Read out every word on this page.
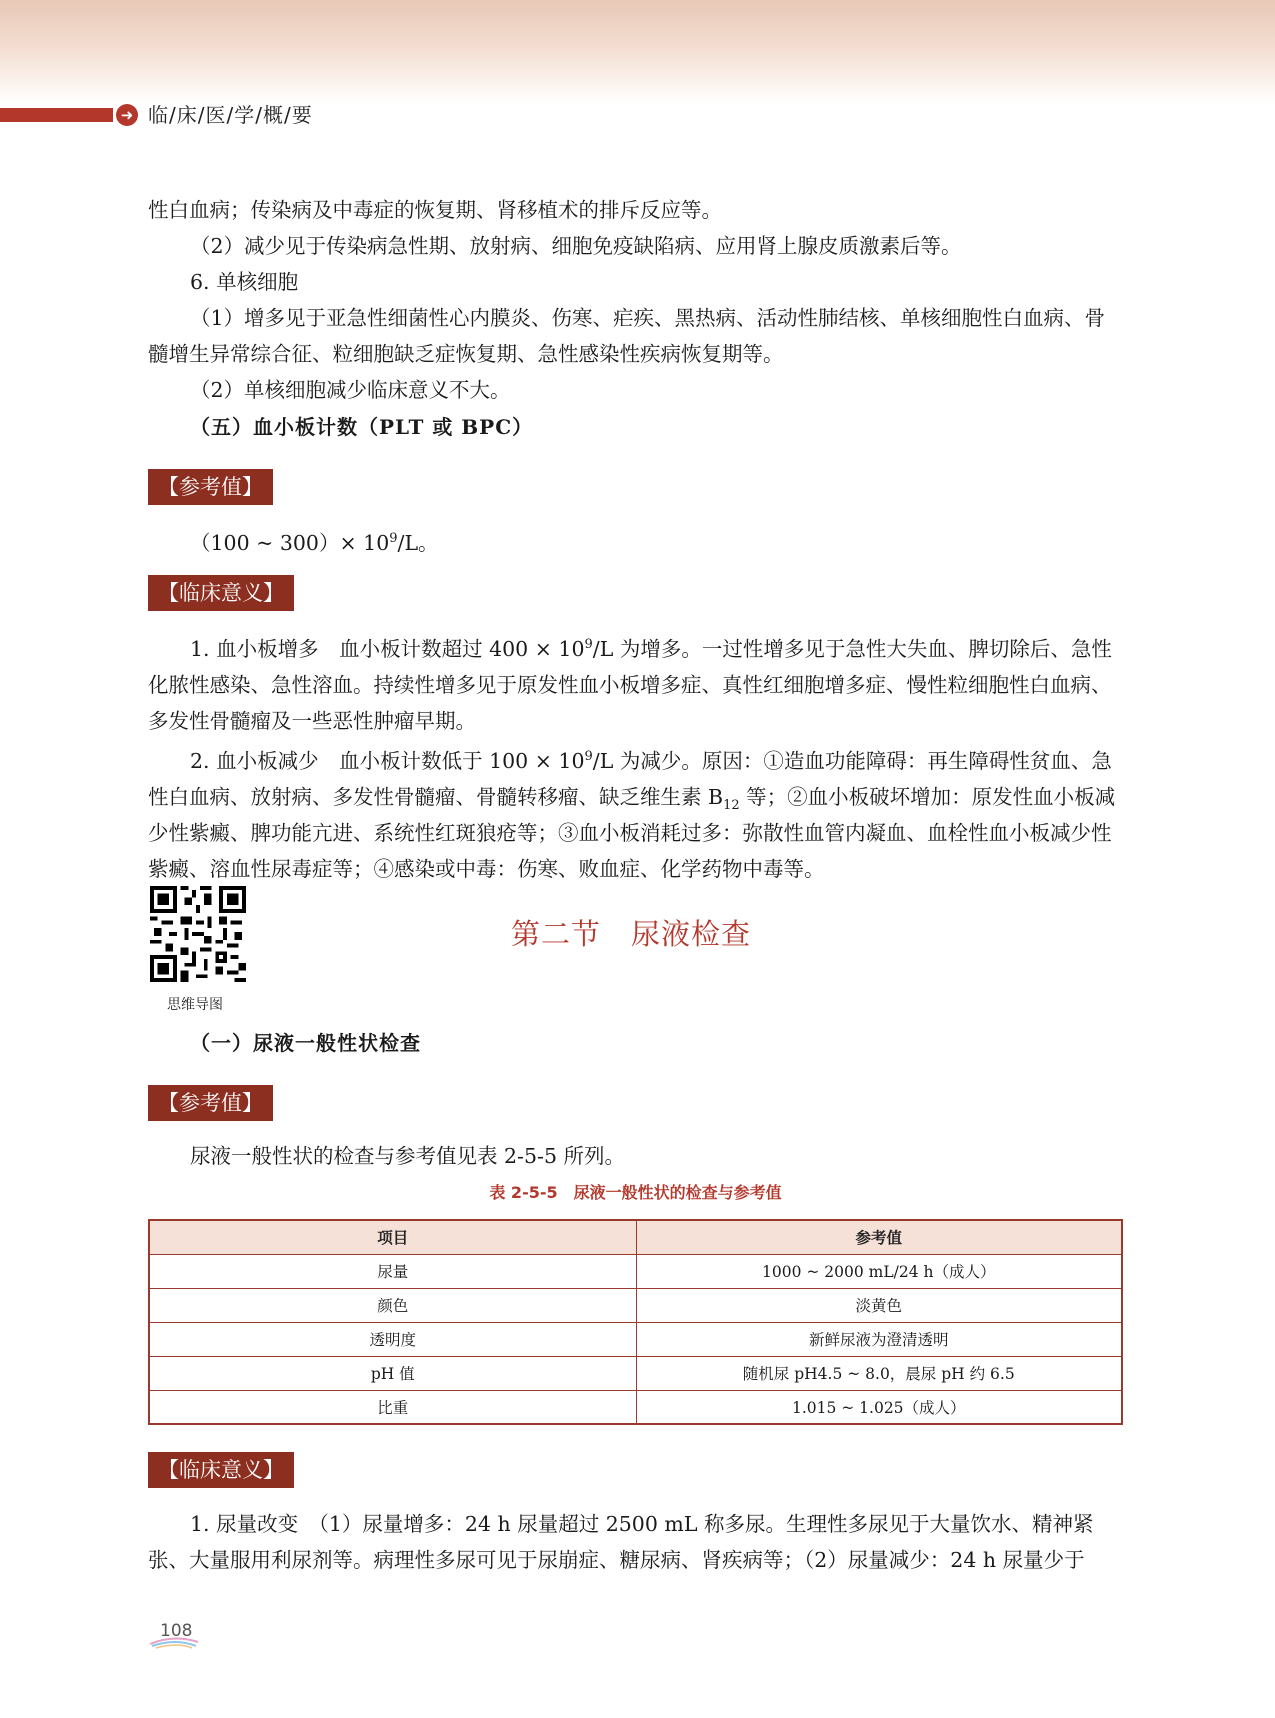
➜ 临/床/医/学/概/要
性白血病；传染病及中毒症的恢复期、肾移植术的排斥反应等。
（2）减少见于传染病急性期、放射病、细胞免疫缺陷病、应用肾上腺皮质激素后等。
6. 单核细胞
（1）增多见于亚急性细菌性心内膜炎、伤寒、疟疾、黑热病、活动性肺结核、单核细胞性白血病、骨髓增生异常综合征、粒细胞缺乏症恢复期、急性感染性疾病恢复期等。
（2）单核细胞减少临床意义不大。
（五）血小板计数（PLT 或 BPC）
【参考值】
（100 ~ $300)\times 10^9/L$。
【临床意义】
1. 血小板增多　血小板计数超过 $400 \times 10^9/L$ 为增多。一过性增多见于急性大失血、脾切除后、急性化脓性感染、急性溶血。持续性增多见于原发性血小板增多症、真性红细胞增多症、慢性粒细胞性白血病、多发性骨髓瘤及一些恶性肿瘤早期。
2. 血小板减少　血小板计数低于 $100 \times 10^9/L$ 为减少。原因：①造血功能障碍：再生障碍性贫血、急性白血病、放射病、多发性骨髓瘤、骨髓转移瘤、缺乏维生素 $B_{12}$ 等；②血小板破坏增加：原发性血小板减少性紫癜、脾功能亢进、系统性红斑狼疮等；③血小板消耗过多：弥散性血管内凝血、血栓性血小板减少性紫癜、溶血性尿毒症等；④感染或中毒：伤寒、败血症、化学药物中毒等。
思维导图
第二节　尿液检查
（一）尿液一般性状检查
【参考值】
尿液一般性状的检查与参考值见表 2-5-5 所列。
表 2-5-5　尿液一般性状的检查与参考值
项目	参考值
尿量	1000 ~ 2000 mL/24 h（成人）
颜色	淡黄色
透明度	新鲜尿液为澄清透明
pH 值	随机尿 pH4.5 ~ 8.0，晨尿 pH 约 6.5
比重	1.015 ~ 1.025（成人）
【临床意义】
1. 尿量改变　（1）尿量增多：24 h 尿量超过 2500 mL 称多尿。生理性多尿见于大量饮水、精神紧张、大量服用利尿剂等。病理性多尿可见于尿崩症、糖尿病、肾疾病等；（2）尿量减少：24 h 尿量少于
108
